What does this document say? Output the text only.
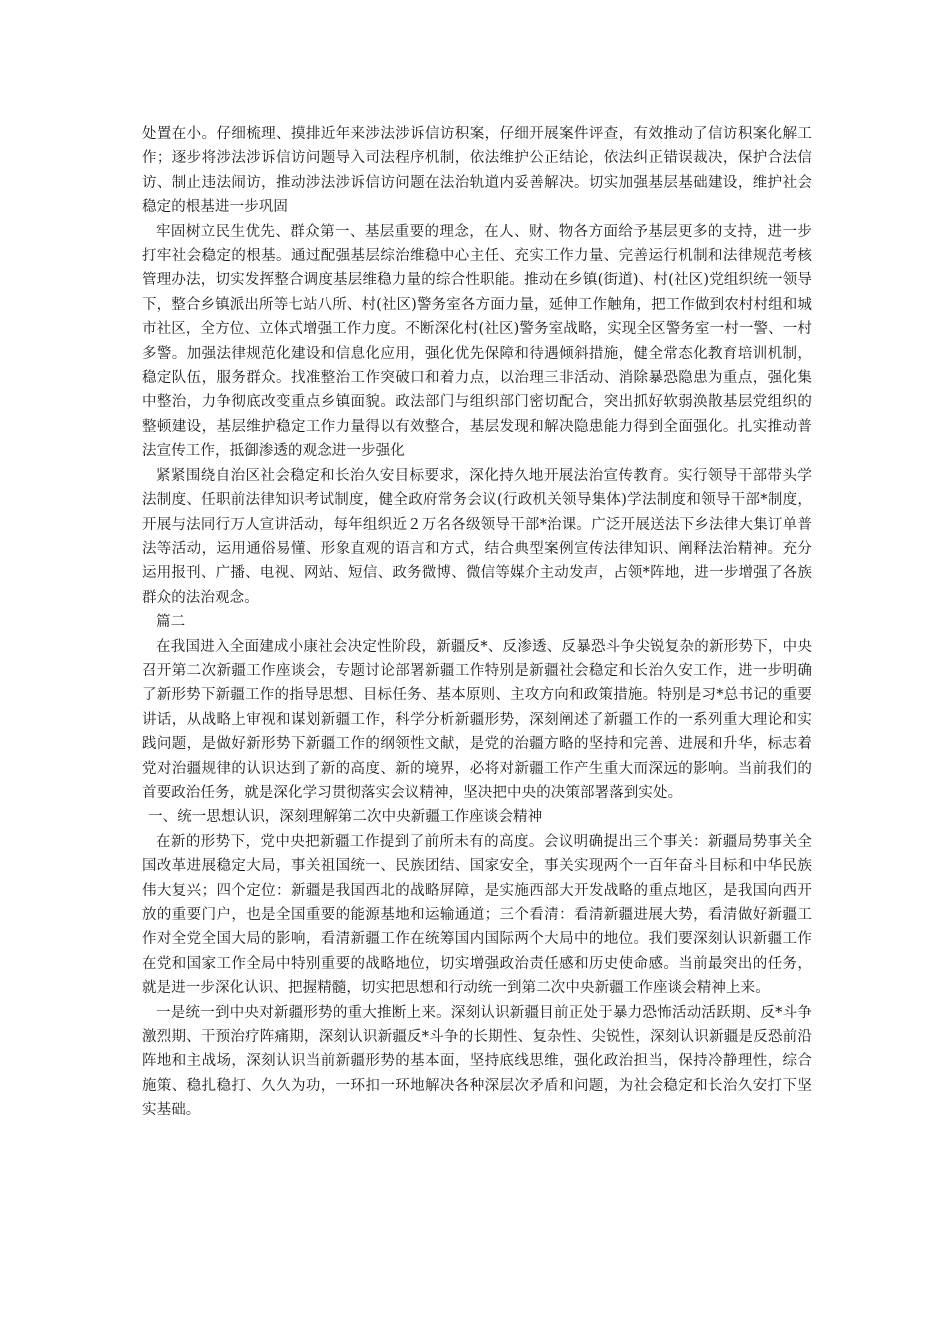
处置在小。仔细梳理、摸排近年来涉法涉诉信访积案，仔细开展案件评查，有效推动了信访积案化解工作；逐步将涉法涉诉信访问题导入司法程序机制，依法维护公正结论，依法纠正错误裁决，保护合法信访、制止违法闹访，推动涉法涉诉信访问题在法治轨道内妥善解决。切实加强基层基础建设，维护社会稳定的根基进一步巩固

牢固树立民生优先、群众第一、基层重要的理念，在人、财、物各方面给予基层更多的支持，进一步打牢社会稳定的根基。通过配强基层综治维稳中心主任、充实工作力量、完善运行机制和法律规范考核管理办法，切实发挥整合调度基层维稳力量的综合性职能。推动在乡镇(街道)、村(社区)党组织统一领导下，整合乡镇派出所等七站八所、村(社区)警务室各方面力量，延伸工作触角，把工作做到农村村组和城市社区，全方位、立体式增强工作力度。不断深化村(社区)警务室战略，实现全区警务室一村一警、一村多警。加强法律规范化建设和信息化应用，强化优先保障和待遇倾斜措施，健全常态化教育培训机制，稳定队伍，服务群众。找准整治工作突破口和着力点，以治理三非活动、消除暴恐隐患为重点，强化集中整治，力争彻底改变重点乡镇面貌。政法部门与组织部门密切配合，突出抓好软弱涣散基层党组织的整顿建设，基层维护稳定工作力量得以有效整合，基层发现和解决隐患能力得到全面强化。扎实推动普法宣传工作，抵御渗透的观念进一步强化

紧紧围绕自治区社会稳定和长治久安目标要求，深化持久地开展法治宣传教育。实行领导干部带头学法制度、任职前法律知识考试制度，健全政府常务会议(行政机关领导集体)学法制度和领导干部*制度，开展与法同行万人宣讲活动，每年组织近２万名各级领导干部*治课。广泛开展送法下乡法律大集订单普法等活动，运用通俗易懂、形象直观的语言和方式，结合典型案例宣传法律知识、阐释法治精神。充分运用报刊、广播、电视、网站、短信、政务微博、微信等媒介主动发声，占领*阵地，进一步增强了各族群众的法治观念。

篇二

在我国进入全面建成小康社会决定性阶段，新疆反*、反渗透、反暴恐斗争尖锐复杂的新形势下，中央召开第二次新疆工作座谈会，专题讨论部署新疆工作特别是新疆社会稳定和长治久安工作，进一步明确了新形势下新疆工作的指导思想、目标任务、基本原则、主攻方向和政策措施。特别是习*总书记的重要讲话，从战略上审视和谋划新疆工作，科学分析新疆形势，深刻阐述了新疆工作的一系列重大理论和实践问题，是做好新形势下新疆工作的纲领性文献，是党的治疆方略的坚持和完善、进展和升华，标志着党对治疆规律的认识达到了新的高度、新的境界，必将对新疆工作产生重大而深远的影响。当前我们的首要政治任务，就是深化学习贯彻落实会议精神，坚决把中央的决策部署落到实处。

一、统一思想认识，深刻理解第二次中央新疆工作座谈会精神

在新的形势下，党中央把新疆工作提到了前所未有的高度。会议明确提出三个事关：新疆局势事关全国改革进展稳定大局，事关祖国统一、民族团结、国家安全，事关实现两个一百年奋斗目标和中华民族伟大复兴；四个定位：新疆是我国西北的战略屏障，是实施西部大开发战略的重点地区，是我国向西开放的重要门户，也是全国重要的能源基地和运输通道；三个看清：看清新疆进展大势，看清做好新疆工作对全党全国大局的影响，看清新疆工作在统筹国内国际两个大局中的地位。我们要深刻认识新疆工作在党和国家工作全局中特别重要的战略地位，切实增强政治责任感和历史使命感。当前最突出的任务，就是进一步深化认识、把握精髓，切实把思想和行动统一到第二次中央新疆工作座谈会精神上来。

一是统一到中央对新疆形势的重大推断上来。深刻认识新疆目前正处于暴力恐怖活动活跃期、反*斗争激烈期、干预治疗阵痛期，深刻认识新疆反*斗争的长期性、复杂性、尖锐性，深刻认识新疆是反恐前沿阵地和主战场，深刻认识当前新疆形势的基本面，坚持底线思维，强化政治担当，保持冷静理性，综合施策、稳扎稳打、久久为功，一环扣一环地解决各种深层次矛盾和问题，为社会稳定和长治久安打下坚实基础。
